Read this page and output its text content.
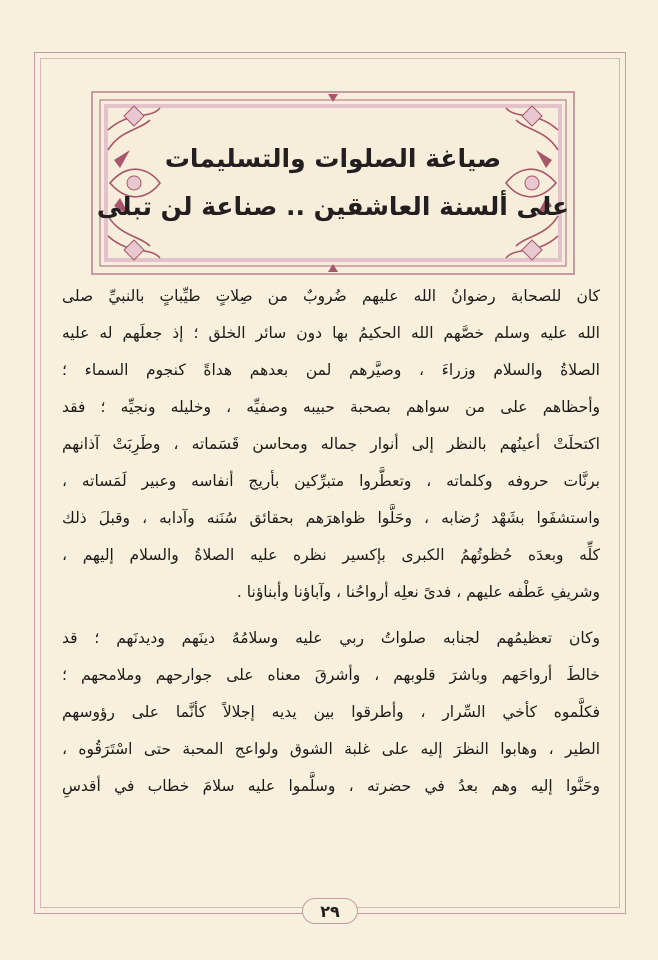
صياغة الصلوات والتسليمات
على ألسنة العاشقين .. صناعة لن تبلى
كان للصحابة رضوانُ الله عليهم ضُروبٌ من صِلاتٍ طيِّباتٍ بالنبيِّ صلى
الله عليه وسلم خصَّهم الله الحكيمُ بها دون سائر الخلق ؛ إذ جعلَهم له عليه
الصلاةُ والسلام وزراءَ ، وصيَّرهم لمن بعدهم هداةً كنجوم السماء ؛
وأحظاهم على من سواهم بصحبة حبيبه وصفيِّه ، وخليله ونجيِّه ؛ فقد
اكتحلَتْ أعينُهم بالنظر إلى أنوار جماله ومحاسن قَسَماته ، وطَرِبَتْ آذانهم
برنَّات حروفه وكلماته ، وتعطَّروا متبرِّكين بأريج أنفاسه وعبير لَمَساته ،
واستشفَوا بشَهْد رُضابه ، وحَلَّوا ظواهرَهم بحقائق سُنَنه وآدابه ، وقبلَ ذلك
كلِّه وبعدَه حُظوتُهمُ الكبرى بإكسير نظره عليه الصلاةُ والسلام إليهم ،
وشريفِ عَطْفه عليهم ، فدىً نعلِه أرواحُنا ، وآباؤنا وأبناؤنا .
وكان تعظيمُهم لجنابه صلواتُ ربي عليه وسلامُهُ دينَهم وديدنَهم ؛ قد
خالطَ أرواحَهم وباشرَ قلوبهم ، وأشرقَ معناه على جوارحهم وملامحهم ؛
فكلَّموه كأخي السِّرار ، وأطرقوا بين يديه إجلالاً كأنَّما على رؤوسهم
الطير ، وهابوا النظرَ إليه على غلبة الشوق ولواعج المحبة حتى اسْتَرَقُوه ،
وحَنَّوا إليه وهم بعدُ في حضرته ، وسلَّموا عليه سلامَ خطاب في أقدسِ
٢٩
